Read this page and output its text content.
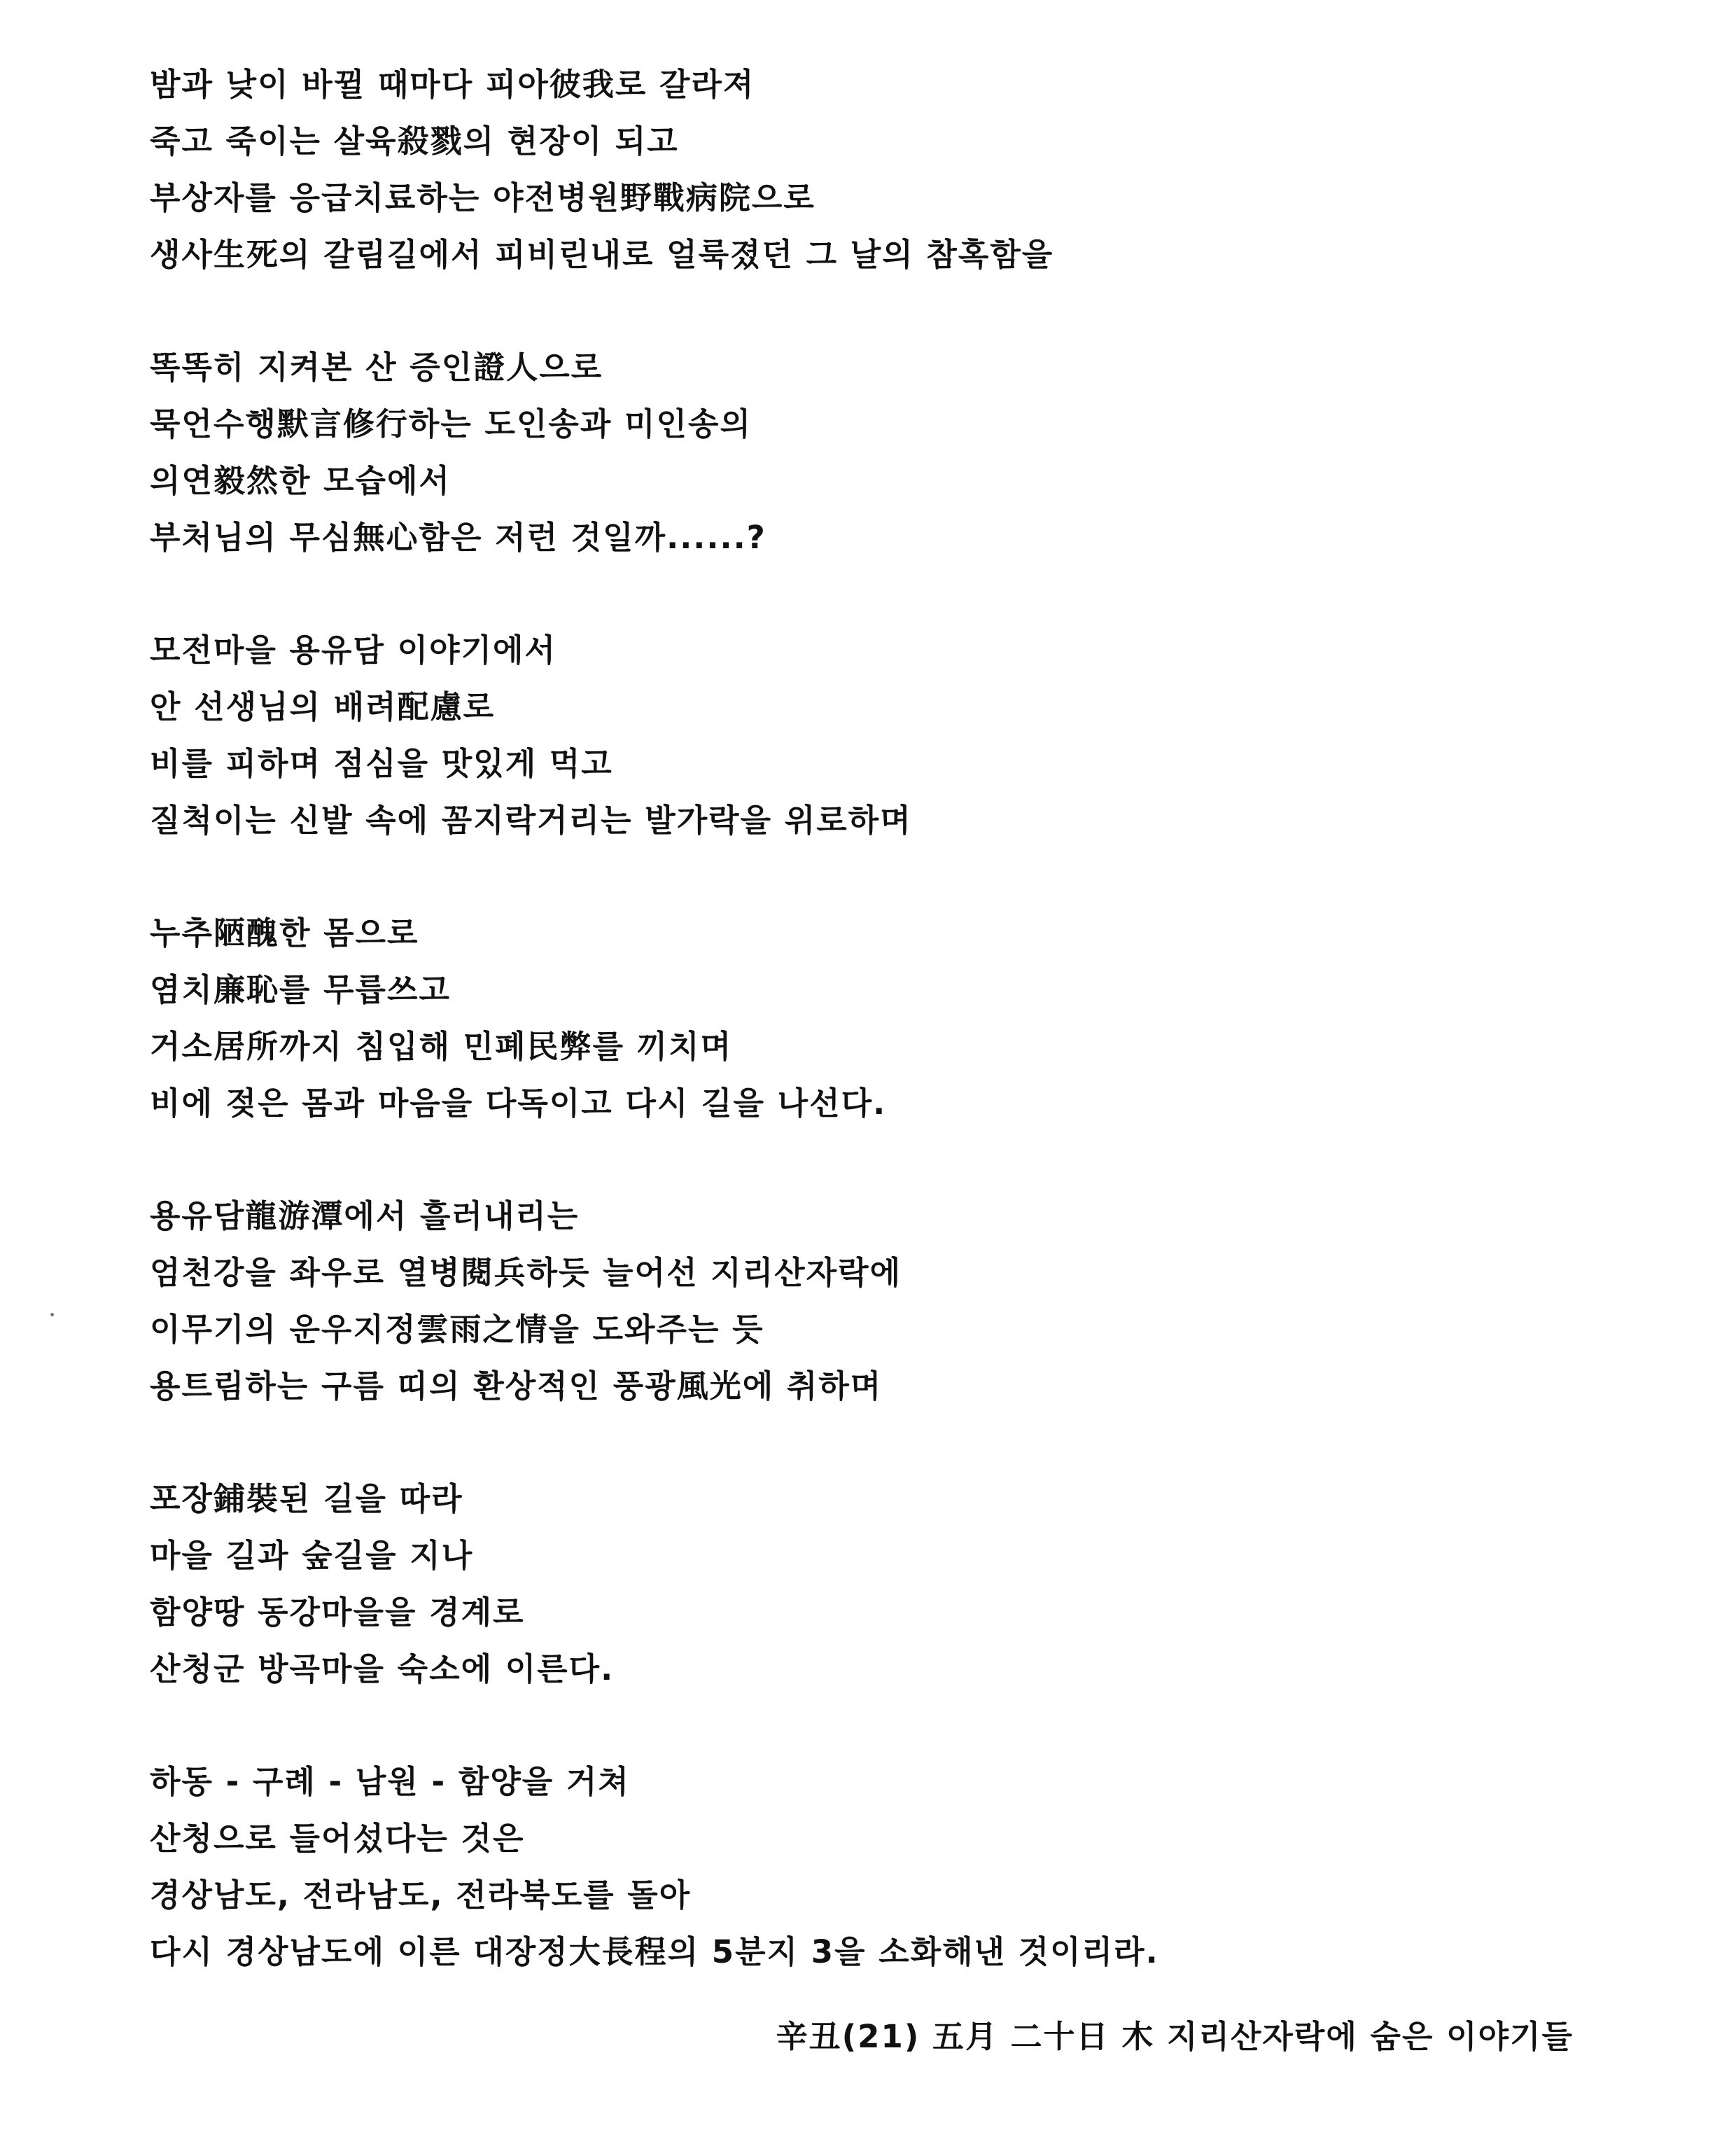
밤과 낮이 바뀔 때마다 피아彼我로 갈라져
죽고 죽이는 살육殺戮의 현장이 되고
부상자를 응급치료하는 야전병원野戰病院으로
생사生死의 갈림길에서 피비린내로 얼룩졌던 그 날의 참혹함을
똑똑히 지켜본 산 증인證人으로
묵언수행默言修行하는 도인송과 미인송의
의연毅然한 모습에서
부처님의 무심無心함은 저런 것일까......?
모전마을 용유담 이야기에서
안 선생님의 배려配慮로
비를 피하며 점심을 맛있게 먹고
질척이는 신발 속에 꼼지락거리는 발가락을 위로하며
누추陋醜한 몸으로
염치廉恥를 무릅쓰고
거소居所까지 침입해 민폐民弊를 끼치며
비에 젖은 몸과 마음을 다독이고 다시 길을 나선다.
용유담龍游潭에서 흘러내리는
엄천강을 좌우로 열병閱兵하듯 늘어선 지리산자락에
이무기의 운우지정雲雨之情을 도와주는 듯
용트림하는 구름 띠의 환상적인 풍광風光에 취하며
포장鋪裝된 길을 따라
마을 길과 숲길을 지나
함양땅 동강마을을 경계로
산청군 방곡마을 숙소에 이른다.
하동 - 구례 - 남원 - 함양을 거쳐
산청으로 들어섰다는 것은
경상남도, 전라남도, 전라북도를 돌아
다시 경상남도에 이른 대장정大長程의 5분지 3을 소화해낸 것이리라.
辛丑(21) 五月 二十日 木 지리산자락에 숨은 이야기들
